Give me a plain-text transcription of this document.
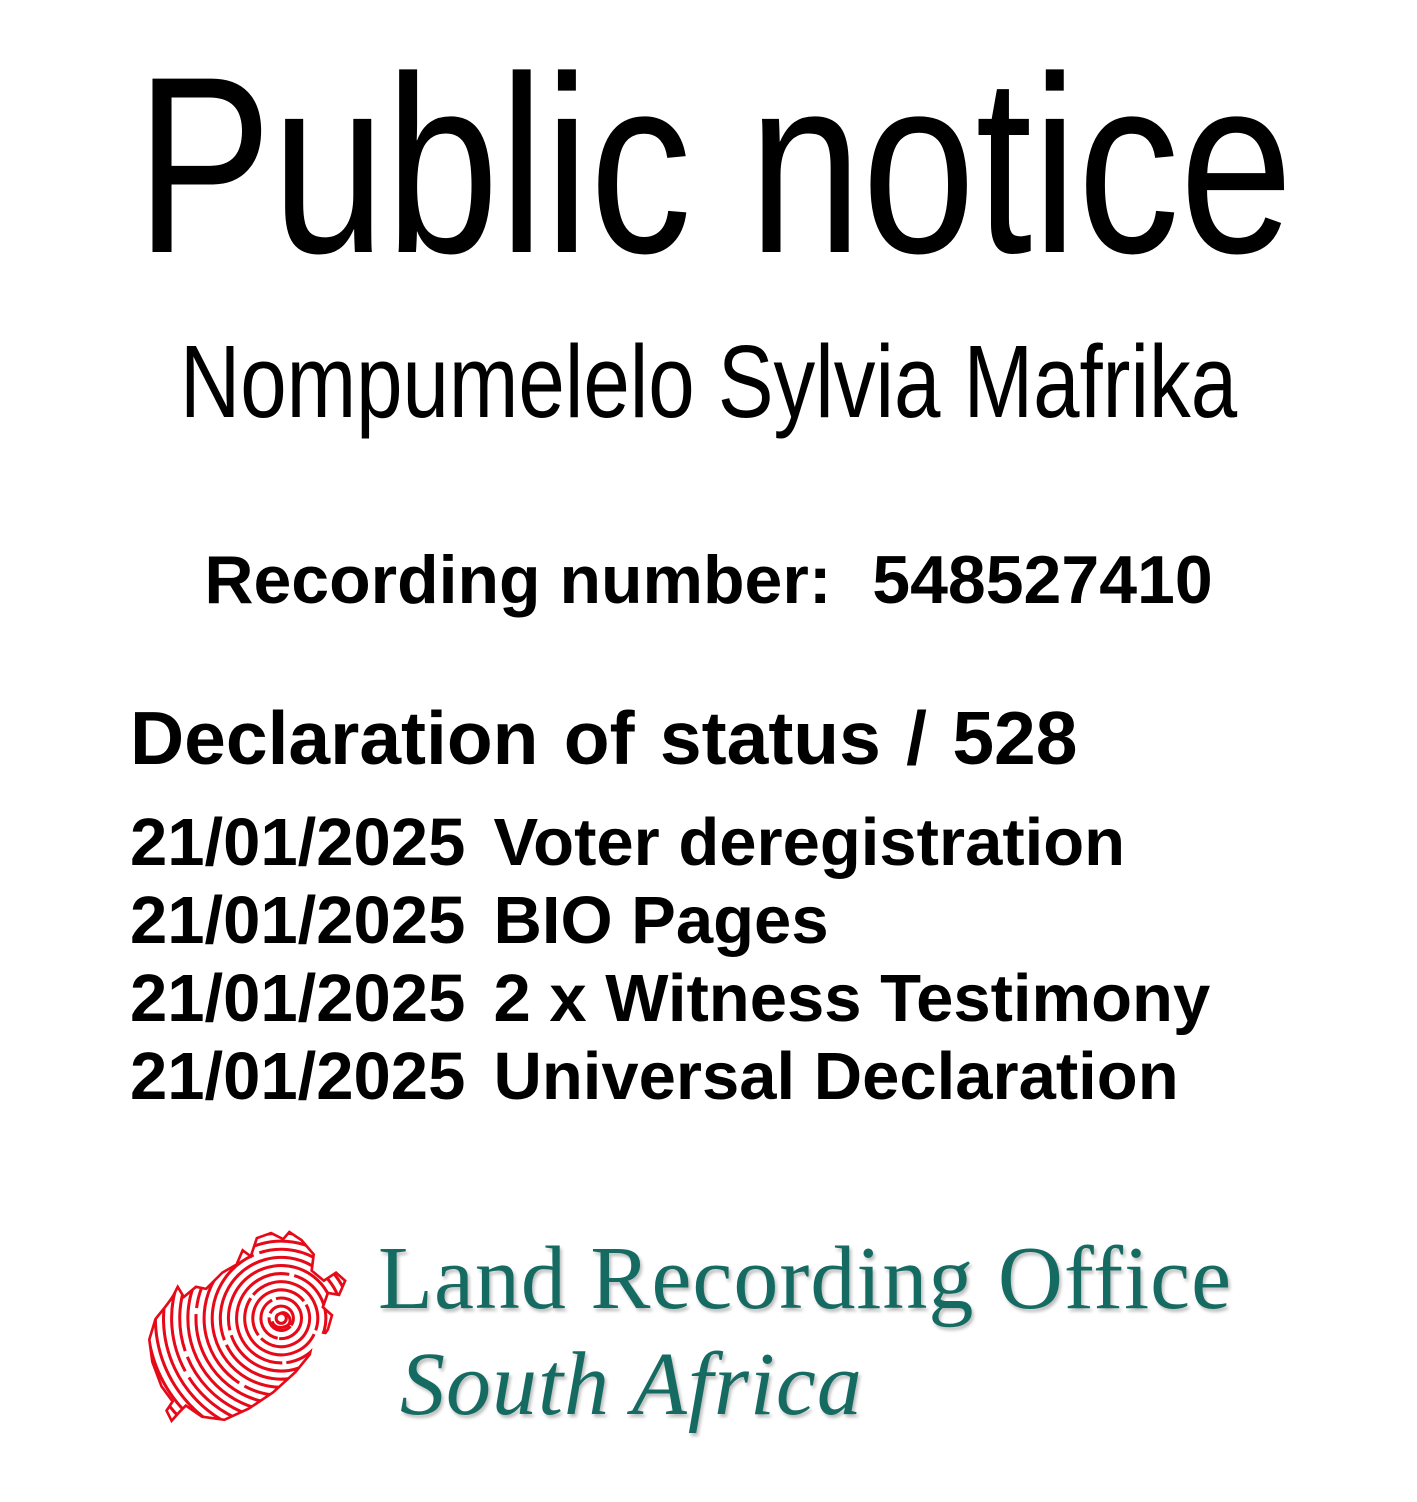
Public notice
Nompumelelo Sylvia Mafrika
Recording number: 548527410
Declaration of status / 528
21/01/2025 Voter deregistration
21/01/2025 BIO Pages
21/01/2025 2 x Witness Testimony
21/01/2025 Universal Declaration
Land Recording Office
South Africa
